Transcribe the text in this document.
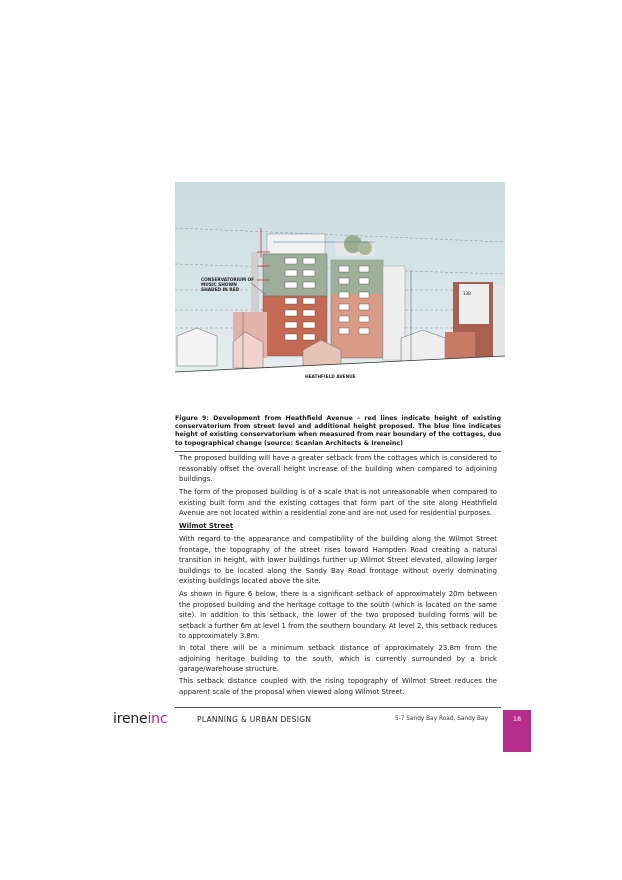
CONSERVATORIUM OF
MUSIC SHOWN
SHADED IN RED
13B
HEATHFIELD AVENUE
Figure 9: Development from Heathfield Avenue – red lines indicate height of existing conservatorium from street level and additional height proposed. The blue line indicates height of existing conservatorium when measured from rear boundary of the cottages, due to topographical change (source: Scanlan Architects & Ireneinc)

The proposed building will have a greater setback from the cottages which is considered to reasonably offset the overall height increase of the building when compared to adjoining buildings.

The form of the proposed building is of a scale that is not unreasonable when compared to existing built form and the existing cottages that form part of the site along Heathfield Avenue are not located within a residential zone and are not used for residential purposes.

Wilmot Street

With regard to the appearance and compatibility of the building along the Wilmot Street frontage, the topography of the street rises toward Hampden Road creating a natural transition in height, with lower buildings further up Wilmot Street elevated, allowing larger buildings to be located along the Sandy Bay Road frontage without overly dominating existing buildings located above the site.

As shown in figure 6 below, there is a significant setback of approximately 20m between the proposed building and the heritage cottage to the south (which is located on the same site). In addition to this setback, the lower of the two proposed building forms will be setback a further 6m at level 1 from the southern boundary. At level 2, this setback reduces to approximately 3.8m.

In total there will be a minimum setback distance of approximately 23.8m from the adjoining heritage building to the south, which is currently surrounded by a brick garage/warehouse structure.

This setback distance coupled with the rising topography of Wilmot Street reduces the apparent scale of the proposal when viewed along Wilmot Street.

ireneinc	PLANNING & URBAN DESIGN	5-7 Sandy Bay Road, Sandy Bay	18
